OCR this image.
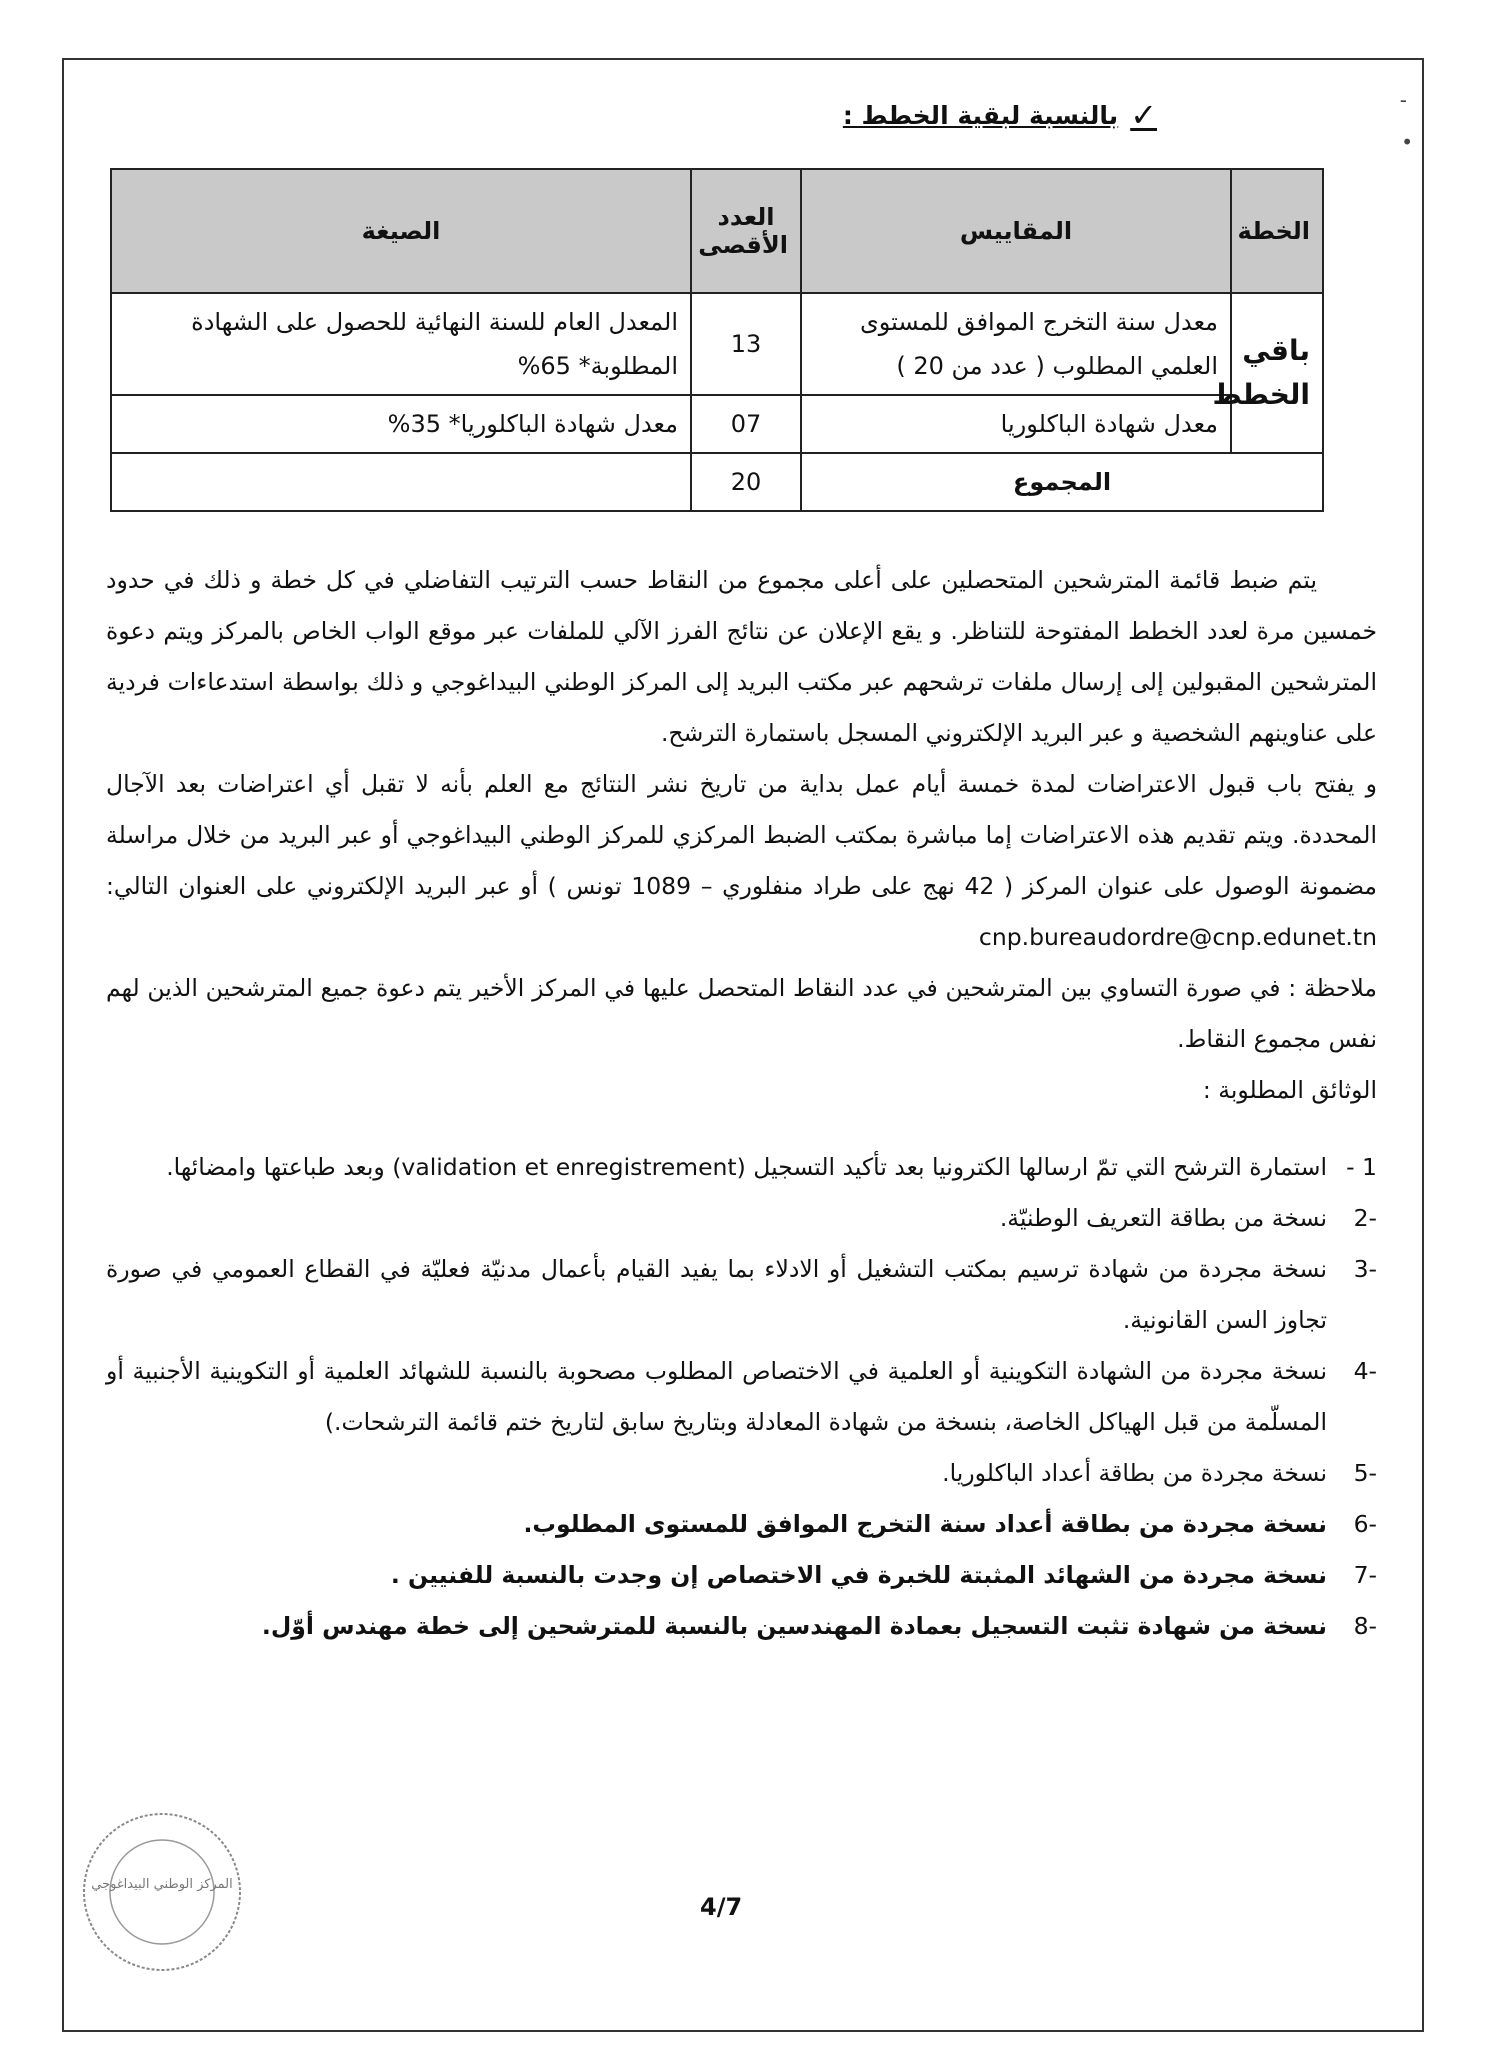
-
•
✓
بالنسبة لبقية الخطط :
الخطة	المقاييس	العدد الأقصى	الصيغة
باقي الخطط	معدل سنة التخرج الموافق للمستوى العلمي المطلوب ( عدد من 20 )	13	المعدل العام للسنة النهائية للحصول على الشهادة المطلوبة* 65%
	معدل شهادة الباكلوريا	07	معدل شهادة الباكلوريا* 35%
المجموع		20	

يتم ضبط قائمة المترشحين المتحصلين على أعلى مجموع من النقاط حسب الترتيب التفاضلي في كل خطة و ذلك في حدود خمسين مرة لعدد الخطط المفتوحة للتناظر. و يقع الإعلان عن نتائج الفرز الآلي للملفات عبر موقع الواب الخاص بالمركز ويتم دعوة المترشحين المقبولين إلى إرسال ملفات ترشحهم عبر مكتب البريد إلى المركز الوطني البيداغوجي و ذلك بواسطة استدعاءات فردية على عناوينهم الشخصية و عبر البريد الإلكتروني المسجل باستمارة الترشح.

و يفتح باب قبول الاعتراضات لمدة خمسة أيام عمل بداية من تاريخ نشر النتائج مع العلم بأنه لا تقبل أي اعتراضات بعد الآجال المحددة. ويتم تقديم هذه الاعتراضات إما مباشرة بمكتب الضبط المركزي للمركز الوطني البيداغوجي أو عبر البريد من خلال مراسلة مضمونة الوصول على عنوان المركز ( 42 نهج على طراد منفلوري – 1089 تونس ) أو عبر البريد الإلكتروني على العنوان التالي: cnp.bureaudordre@cnp.edunet.tn

ملاحظة : في صورة التساوي بين المترشحين في عدد النقاط المتحصل عليها في المركز الأخير يتم دعوة جميع المترشحين الذين لهم نفس مجموع النقاط.

الوثائق المطلوبة :

1 -
استمارة الترشح التي تمّ ارسالها الكترونيا بعد تأكيد التسجيل (validation et enregistrement) وبعد طباعتها وامضائها.
-2
نسخة من بطاقة التعريف الوطنيّة.
-3
نسخة مجردة من شهادة ترسيم بمكتب التشغيل أو الادلاء بما يفيد القيام بأعمال مدنيّة فعليّة في القطاع العمومي في صورة تجاوز السن القانونية.
-4
نسخة مجردة من الشهادة التكوينية أو العلمية في الاختصاص المطلوب مصحوبة بالنسبة للشهائد العلمية أو التكوينية الأجنبية أو المسلّمة من قبل الهياكل الخاصة، بنسخة من شهادة المعادلة وبتاريخ سابق لتاريخ ختم قائمة الترشحات.)
-5
نسخة مجردة من بطاقة أعداد الباكلوريا.
-6
نسخة مجردة من بطاقة أعداد سنة التخرج الموافق للمستوى المطلوب.
-7
نسخة مجردة من الشهائد المثبتة للخبرة في الاختصاص إن وجدت بالنسبة للفنيين .
-8
نسخة من شهادة تثبت التسجيل بعمادة المهندسين بالنسبة للمترشحين إلى خطة مهندس أوّل.
4/7
المركز الوطني البيداغوجي
